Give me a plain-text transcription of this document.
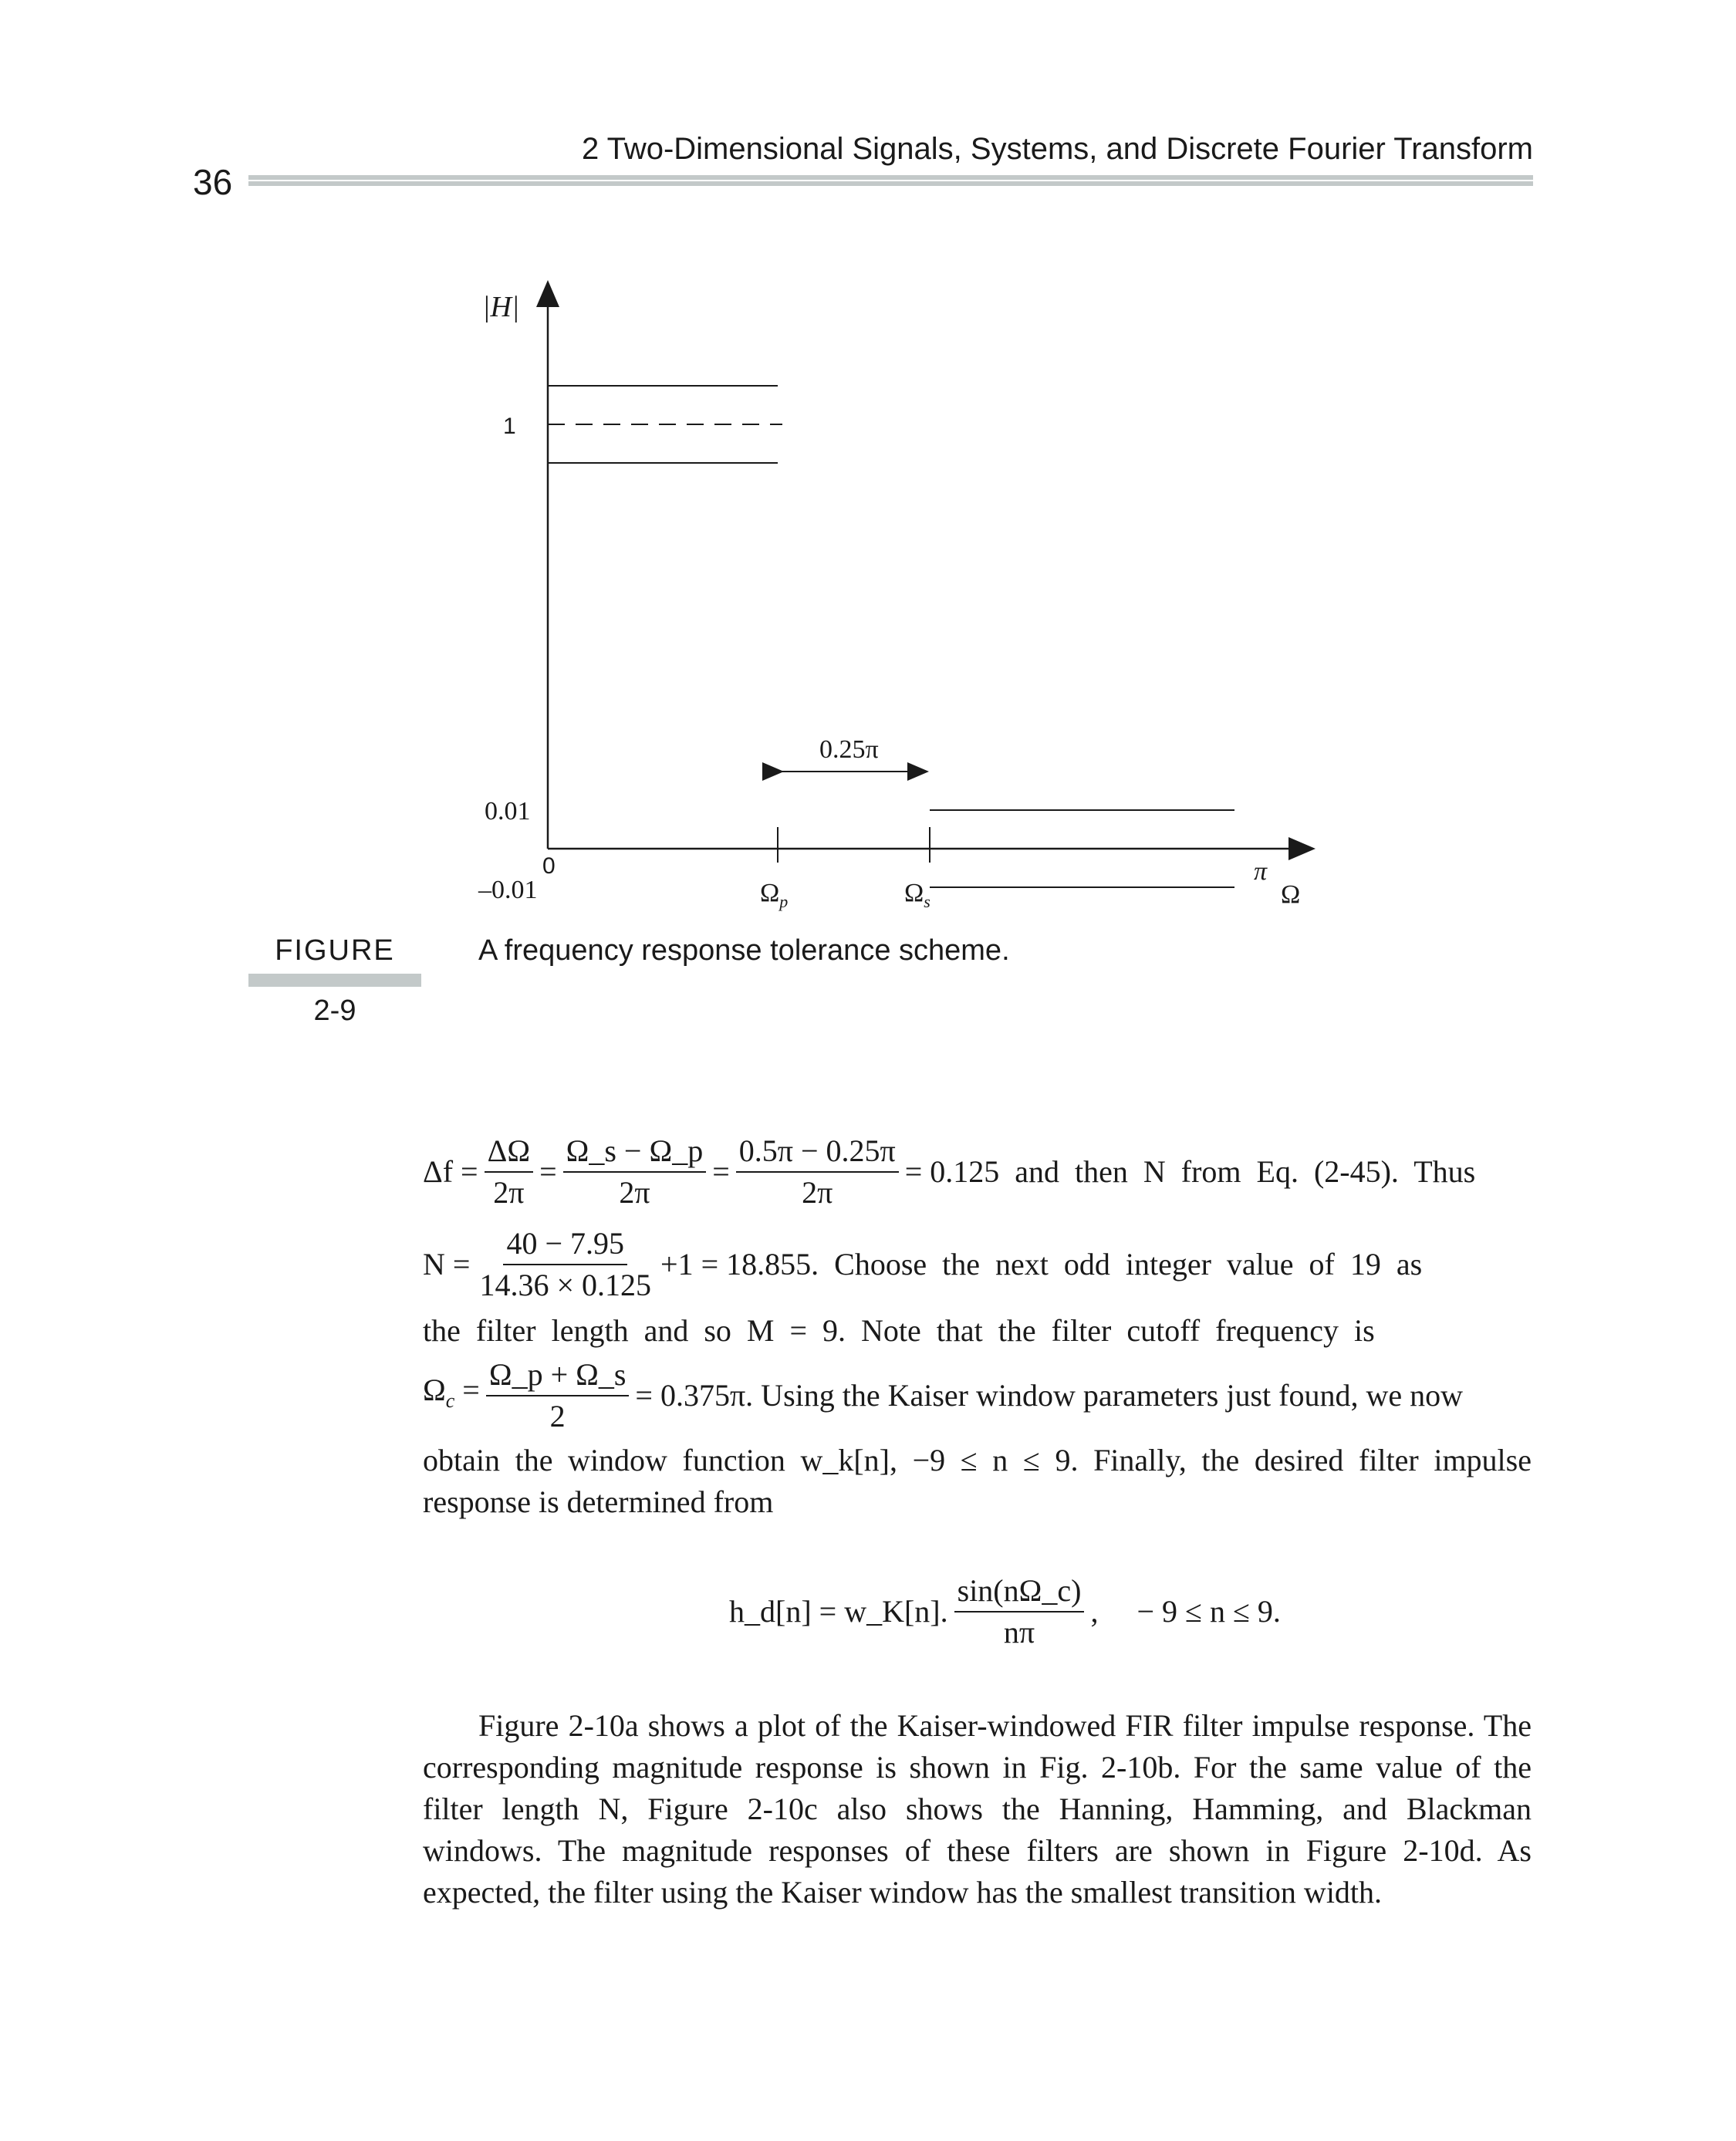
36
2 Two-Dimensional Signals, Systems, and Discrete Fourier Transform
|H|
1
0.01
0
–0.01
0.25π
$\Omega_p$	$\Omega_s$
π
Ω
FIGURE
2-9
A frequency response tolerance scheme.
$\Delta f = \frac{\Delta\Omega}{2\pi} = \frac{\Omega\_s - \Omega\_p}{2\pi} = \frac{0.5\pi - 0.25\pi}{2\pi} = 0.125$  and  then  N  from  Eq.  (2-45).  Thus
$N = \frac{40 - 7.95}{14.36 \times 0.125} +1 = 18.855$.  Choose  the  next  odd  integer  value  of  19  as
the  filter  length  and  so  M  =  9.  Note  that  the  filter  cutoff  frequency  is
$\Omega_c = \frac{\Omega\_p + \Omega\_s}{2} = 0.375\pi$. Using the Kaiser window parameters just found, we now
obtain the window function w_k[n], −9 ≤ n ≤ 9. Finally, the desired filter impulse
response is determined from
h_d[n] = w_K[n]. $\frac{\sin(n\Omega\_c)}{n\pi}$ ,     − 9 ≤ n ≤ 9.
Figure 2-10a shows a plot of the Kaiser-windowed FIR filter impulse response. The corresponding magnitude response is shown in Fig. 2-10b. For the same value of the filter length N, Figure 2-10c also shows the Hanning, Hamming, and Blackman windows. The magnitude responses of these filters are shown in Figure 2-10d. As expected, the filter using the Kaiser window has the smallest transition width.
